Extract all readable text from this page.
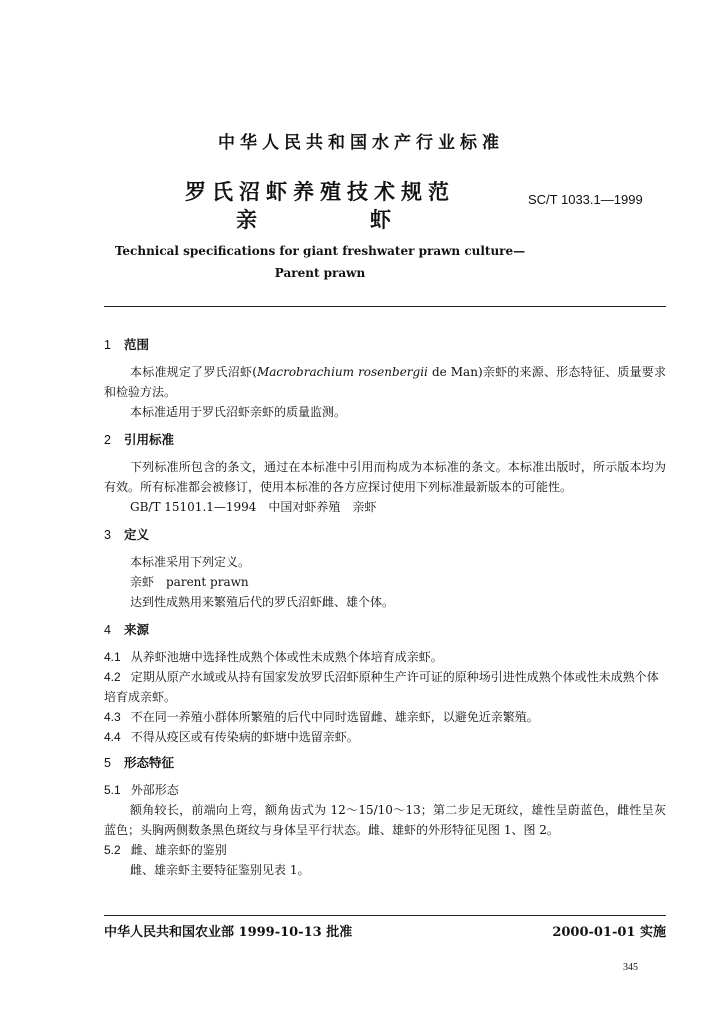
中华人民共和国水产行业标准
罗氏沼虾养殖技术规范
亲	虾
SC/T 1033.1—1999
Technical specifications for giant freshwater prawn culture—
Parent prawn
1 范围
本标准规定了罗氏沼虾(Macrobrachium rosenbergii de Man)亲虾的来源、形态特征、质量要求和检验方法。
本标准适用于罗氏沼虾亲虾的质量监测。
2 引用标准
下列标准所包含的条文，通过在本标准中引用而构成为本标准的条文。本标准出版时，所示版本均为有效。所有标准都会被修订，使用本标准的各方应探讨使用下列标准最新版本的可能性。
GB/T 15101.1—1994　中国对虾养殖　亲虾
3 定义
本标准采用下列定义。
亲虾　parent prawn
达到性成熟用来繁殖后代的罗氏沼虾雌、雄个体。
4 来源
4.1 从养虾池塘中选择性成熟个体或性未成熟个体培育成亲虾。
4.2 定期从原产水域或从持有国家发放罗氏沼虾原种生产许可证的原种场引进性成熟个体或性未成熟个体培育成亲虾。
4.3 不在同一养殖小群体所繁殖的后代中同时选留雌、雄亲虾，以避免近亲繁殖。
4.4 不得从疫区或有传染病的虾塘中选留亲虾。
5 形态特征
5.1 外部形态
额角较长，前端向上弯，额角齿式为 12～15/10～13；第二步足无斑纹，雄性呈蔚蓝色，雌性呈灰蓝色；头胸两侧数条黑色斑纹与身体呈平行状态。雌、雄虾的外形特征见图 1、图 2。
5.2 雌、雄亲虾的鉴别
雌、雄亲虾主要特征鉴别见表 1。
中华人民共和国农业部 1999-10-13 批准	2000-01-01 实施
345
